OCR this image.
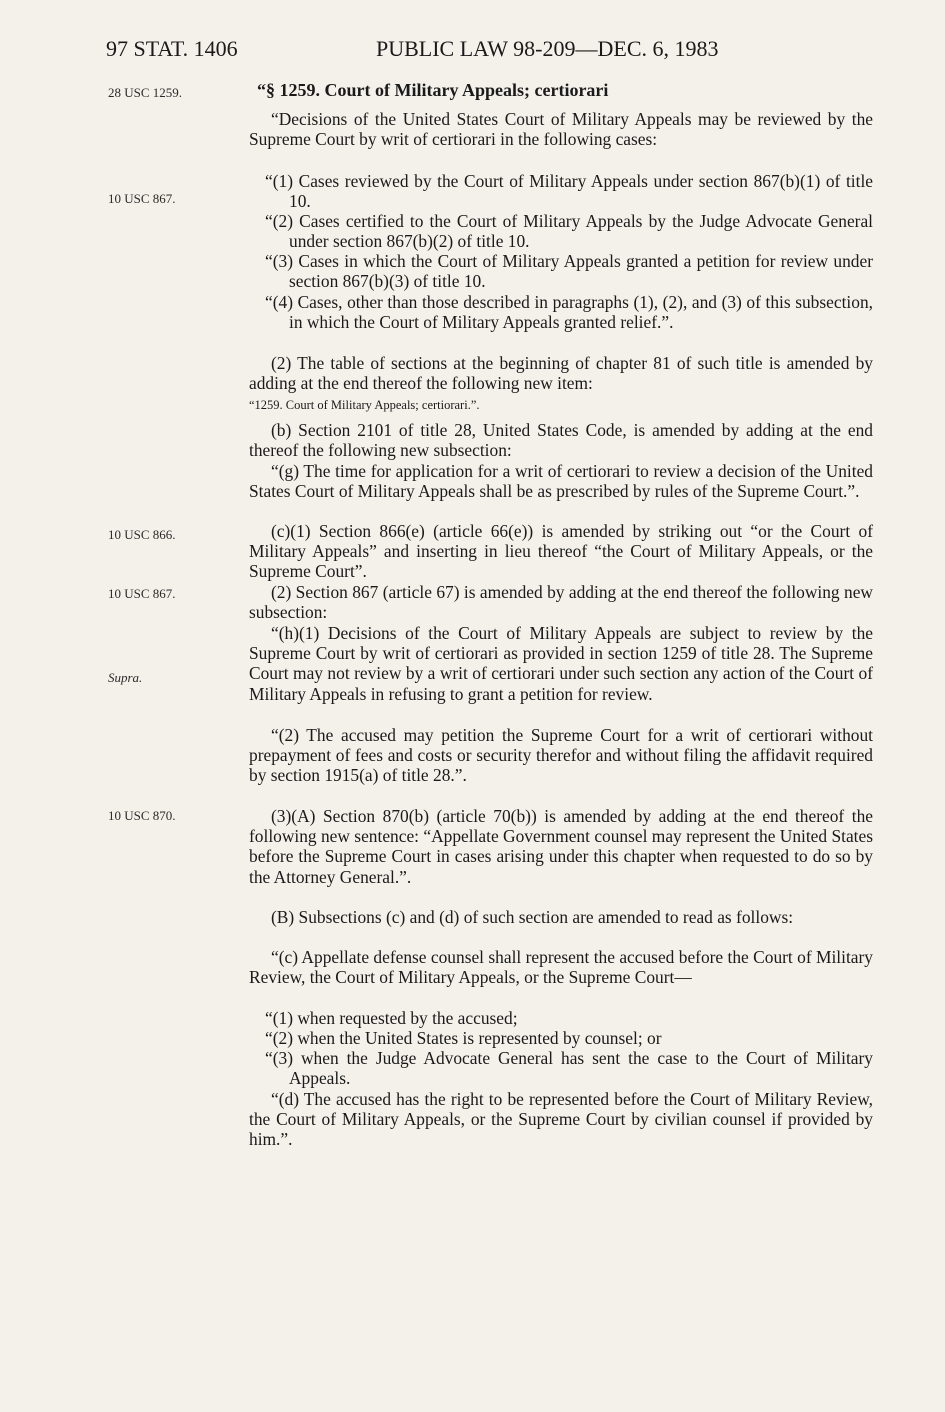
97 STAT. 1406	PUBLIC LAW 98-209—DEC. 6, 1983
28 USC 1259.
10 USC 867.
10 USC 866.
10 USC 867.
Supra.
10 USC 870.

“§ 1259. Court of Military Appeals; certiorari

“Decisions of the United States Court of Military Appeals may be reviewed by the Supreme Court by writ of certiorari in the following cases:

“(1) Cases reviewed by the Court of Military Appeals under section 867(b)(1) of title 10.

“(2) Cases certified to the Court of Military Appeals by the Judge Advocate General under section 867(b)(2) of title 10.

“(3) Cases in which the Court of Military Appeals granted a petition for review under section 867(b)(3) of title 10.

“(4) Cases, other than those described in paragraphs (1), (2), and (3) of this subsection, in which the Court of Military Appeals granted relief.”.

(2) The table of sections at the beginning of chapter 81 of such title is amended by adding at the end thereof the following new item:

“1259. Court of Military Appeals; certiorari.”.

(b) Section 2101 of title 28, United States Code, is amended by adding at the end thereof the following new subsection:

“(g) The time for application for a writ of certiorari to review a decision of the United States Court of Military Appeals shall be as prescribed by rules of the Supreme Court.”.

(c)(1) Section 866(e) (article 66(e)) is amended by striking out “or the Court of Military Appeals” and inserting in lieu thereof “the Court of Military Appeals, or the Supreme Court”.

(2) Section 867 (article 67) is amended by adding at the end thereof the following new subsection:

“(h)(1) Decisions of the Court of Military Appeals are subject to review by the Supreme Court by writ of certiorari as provided in section 1259 of title 28. The Supreme Court may not review by a writ of certiorari under such section any action of the Court of Military Appeals in refusing to grant a petition for review.

“(2) The accused may petition the Supreme Court for a writ of certiorari without prepayment of fees and costs or security therefor and without filing the affidavit required by section 1915(a) of title 28.”.

(3)(A) Section 870(b) (article 70(b)) is amended by adding at the end thereof the following new sentence: “Appellate Government counsel may represent the United States before the Supreme Court in cases arising under this chapter when requested to do so by the Attorney General.”.

(B) Subsections (c) and (d) of such section are amended to read as follows:

“(c) Appellate defense counsel shall represent the accused before the Court of Military Review, the Court of Military Appeals, or the Supreme Court—

“(1) when requested by the accused;

“(2) when the United States is represented by counsel; or

“(3) when the Judge Advocate General has sent the case to the Court of Military Appeals.

“(d) The accused has the right to be represented before the Court of Military Review, the Court of Military Appeals, or the Supreme Court by civilian counsel if provided by him.”.
